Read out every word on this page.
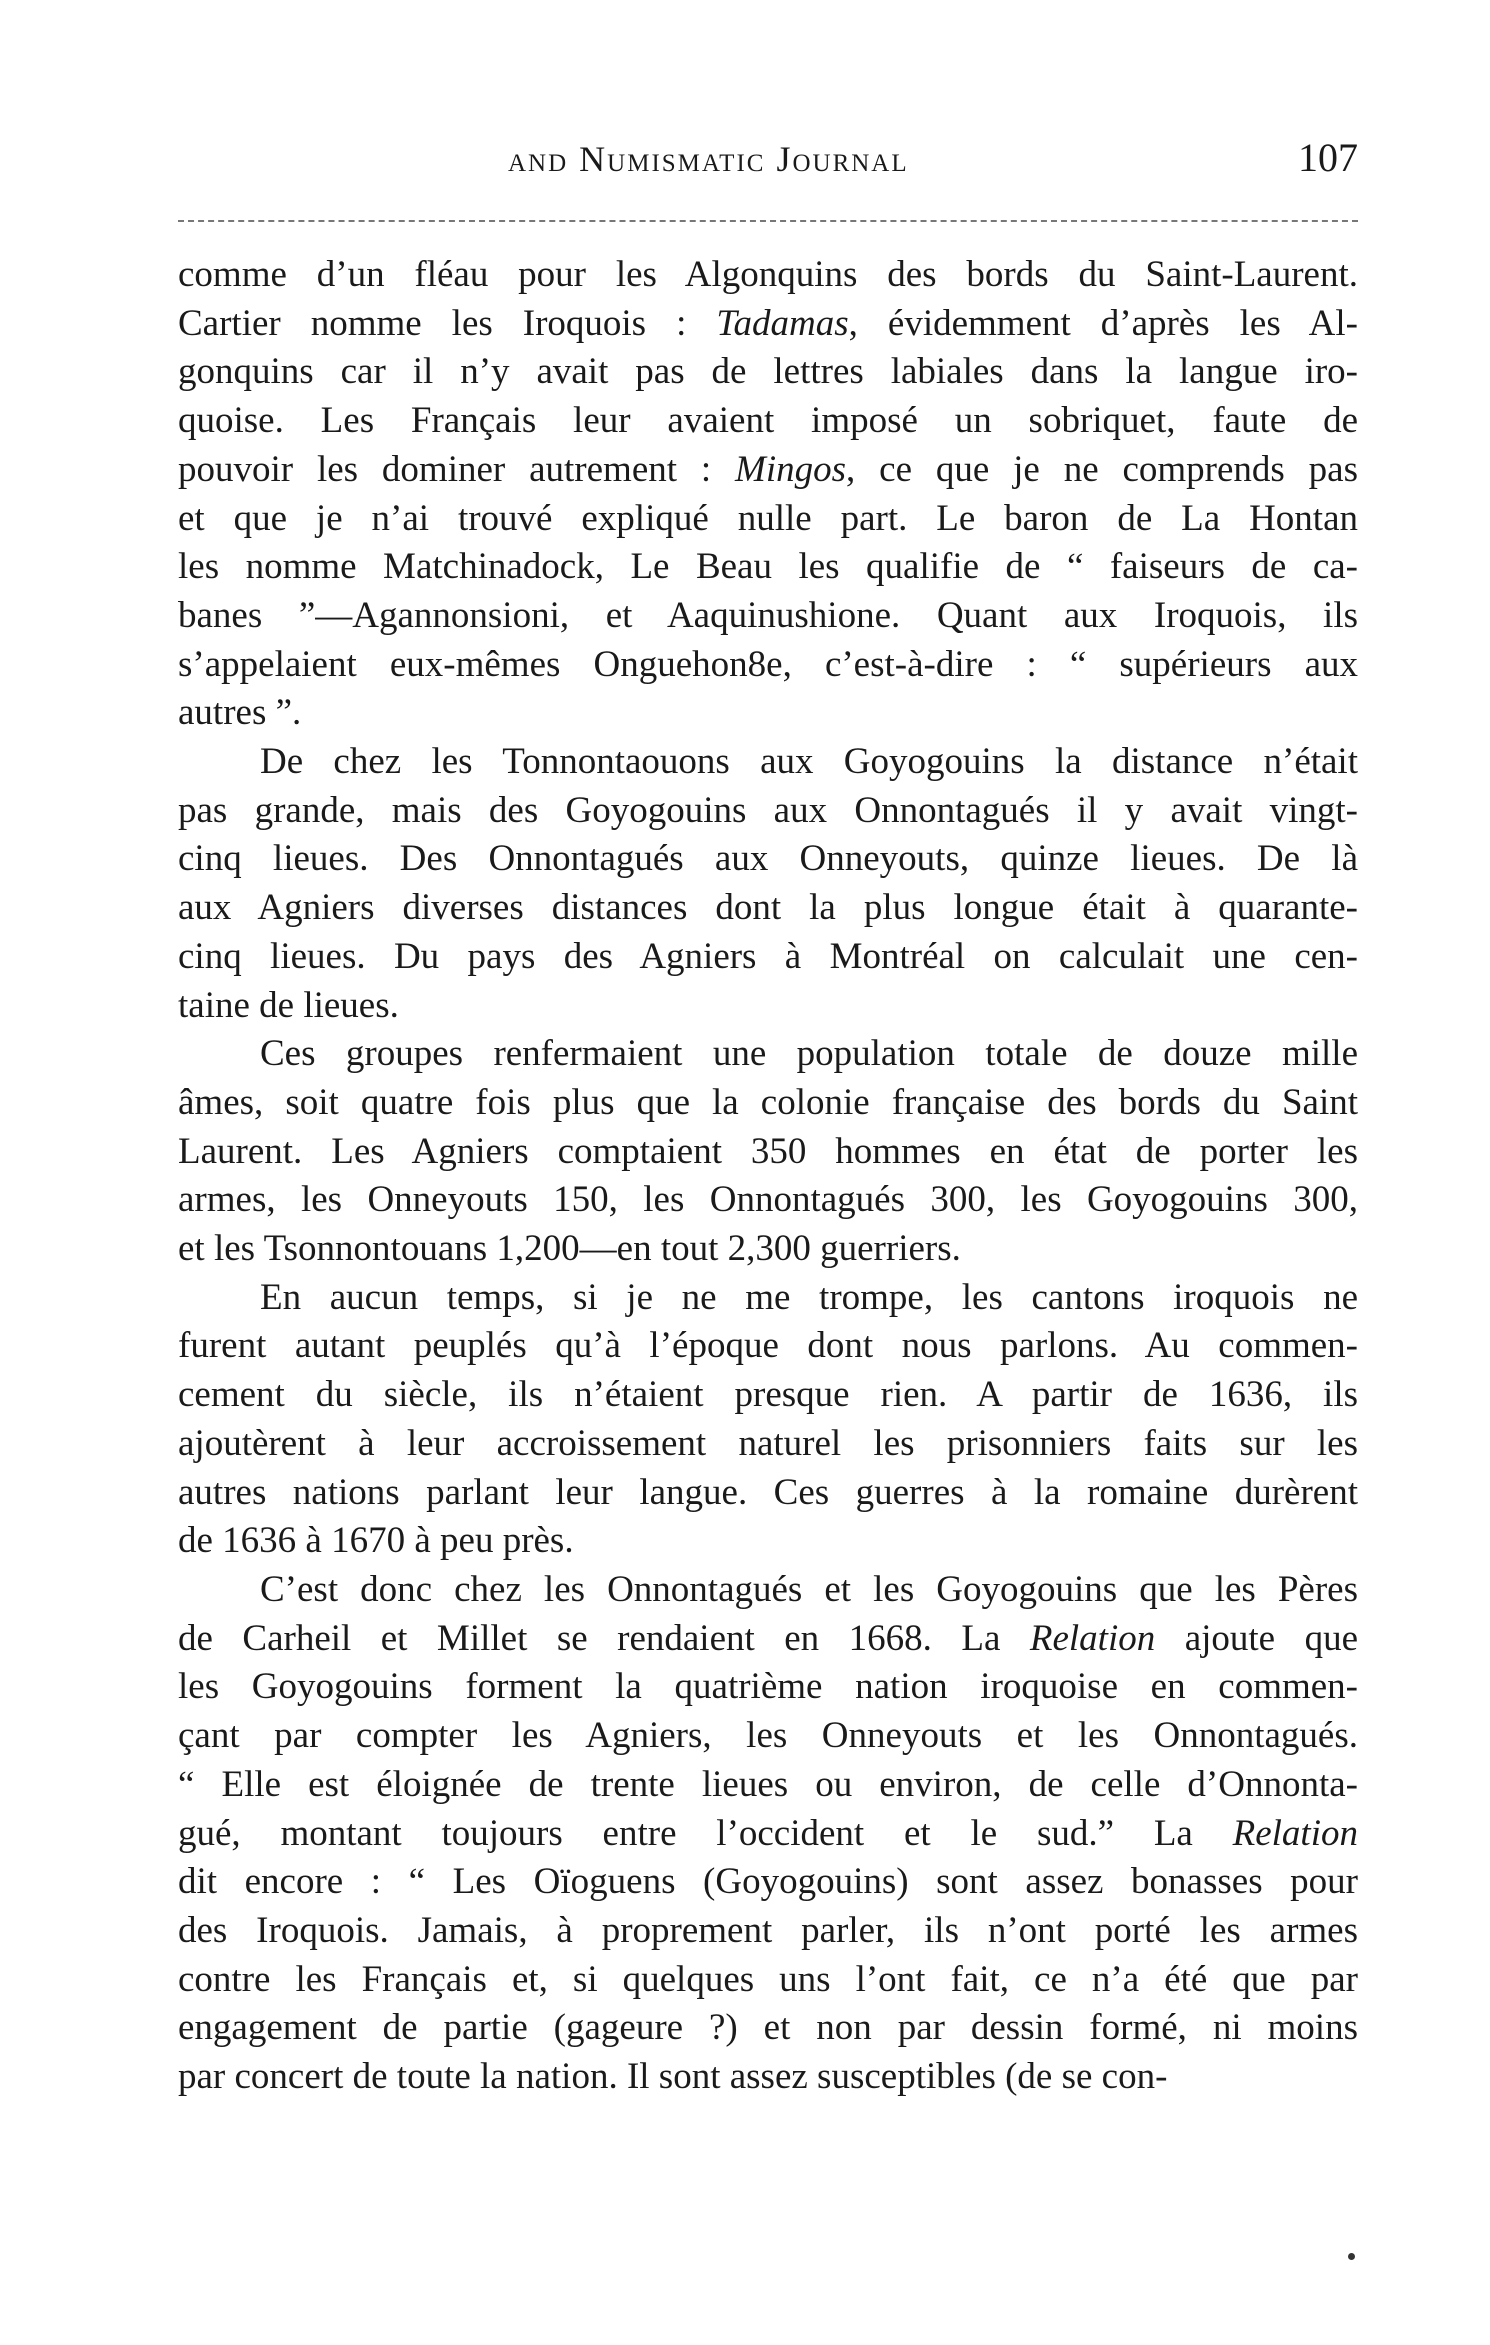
and Numismatic Journal	107
comme d’un fléau pour les Algonquins des bords du Saint-Laurent.
Cartier nomme les Iroquois : Tadamas, évidemment d’après les Al-
gonquins car il n’y avait pas de lettres labiales dans la langue iro-
quoise. Les Français leur avaient imposé un sobriquet, faute de
pouvoir les dominer autrement : Mingos, ce que je ne comprends pas
et que je n’ai trouvé expliqué nulle part. Le baron de La Hontan
les nomme Matchinadock, Le Beau les qualifie de “ faiseurs de ca-
banes ”—Agannonsioni, et Aaquinushione. Quant aux Iroquois, ils
s’appelaient eux-mêmes Onguehon8e, c’est-à-dire : “ supérieurs aux
autres ”.
De chez les Tonnontaouons aux Goyogouins la distance n’était
pas grande, mais des Goyogouins aux Onnontagués il y avait vingt-
cinq lieues. Des Onnontagués aux Onneyouts, quinze lieues. De là
aux Agniers diverses distances dont la plus longue était à quarante-
cinq lieues. Du pays des Agniers à Montréal on calculait une cen-
taine de lieues.
Ces groupes renfermaient une population totale de douze mille
âmes, soit quatre fois plus que la colonie française des bords du Saint
Laurent. Les Agniers comptaient 350 hommes en état de porter les
armes, les Onneyouts 150, les Onnontagués 300, les Goyogouins 300,
et les Tsonnontouans 1,200—en tout 2,300 guerriers.
En aucun temps, si je ne me trompe, les cantons iroquois ne
furent autant peuplés qu’à l’époque dont nous parlons. Au commen-
cement du siècle, ils n’étaient presque rien. A partir de 1636, ils
ajoutèrent à leur accroissement naturel les prisonniers faits sur les
autres nations parlant leur langue. Ces guerres à la romaine durèrent
de 1636 à 1670 à peu près.
C’est donc chez les Onnontagués et les Goyogouins que les Pères
de Carheil et Millet se rendaient en 1668. La Relation ajoute que
les Goyogouins forment la quatrième nation iroquoise en commen-
çant par compter les Agniers, les Onneyouts et les Onnontagués.
“ Elle est éloignée de trente lieues ou environ, de celle d’Onnonta-
gué, montant toujours entre l’occident et le sud.” La Relation
dit encore : “ Les Oïoguens (Goyogouins) sont assez bonasses pour
des Iroquois. Jamais, à proprement parler, ils n’ont porté les armes
contre les Français et, si quelques uns l’ont fait, ce n’a été que par
engagement de partie (gageure ?) et non par dessin formé, ni moins
par concert de toute la nation. Il sont assez susceptibles (de se con-
